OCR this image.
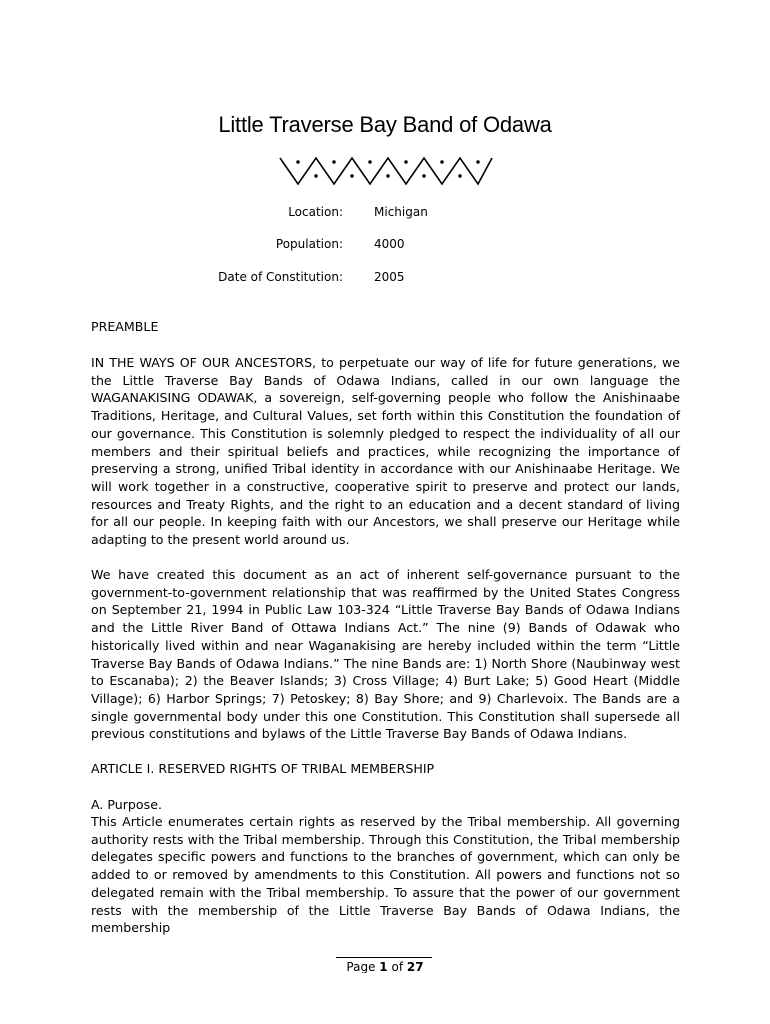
Little Traverse Bay Band of Odawa
Location:	Michigan
Population:	4000
Date of Constitution:	2005
PREAMBLE
IN THE WAYS OF OUR ANCESTORS, to perpetuate our way of life for future generations, we the Little Traverse Bay Bands of Odawa Indians, called in our own language the WAGANAKISING ODAWAK, a sovereign, self-governing people who follow the Anishinaabe Traditions, Heritage, and Cultural Values, set forth within this Constitution the foundation of our governance. This Constitution is solemnly pledged to respect the individuality of all our members and their spiritual beliefs and practices, while recognizing the importance of preserving a strong, unified Tribal identity in accordance with our Anishinaabe Heritage. We will work together in a constructive, cooperative spirit to preserve and protect our lands, resources and Treaty Rights, and the right to an education and a decent standard of living for all our people. In keeping faith with our Ancestors, we shall preserve our Heritage while adapting to the present world around us.
We have created this document as an act of inherent self-governance pursuant to the government-to-government relationship that was reaffirmed by the United States Congress on September 21, 1994 in Public Law 103-324 “Little Traverse Bay Bands of Odawa Indians and the Little River Band of Ottawa Indians Act.” The nine (9) Bands of Odawak who historically lived within and near Waganakising are hereby included within the term “Little Traverse Bay Bands of Odawa Indians.” The nine Bands are: 1) North Shore (Naubinway west to Escanaba); 2) the Beaver Islands; 3) Cross Village; 4) Burt Lake; 5) Good Heart (Middle Village); 6) Harbor Springs; 7) Petoskey; 8) Bay Shore; and 9) Charlevoix. The Bands are a single governmental body under this one Constitution. This Constitution shall supersede all previous constitutions and bylaws of the Little Traverse Bay Bands of Odawa Indians.
ARTICLE I. RESERVED RIGHTS OF TRIBAL MEMBERSHIP
A. Purpose.
This Article enumerates certain rights as reserved by the Tribal membership. All governing authority rests with the Tribal membership. Through this Constitution, the Tribal membership delegates specific powers and functions to the branches of government, which can only be added to or removed by amendments to this Constitution. All powers and functions not so delegated remain with the Tribal membership. To assure that the power of our government rests with the membership of the Little Traverse Bay Bands of Odawa Indians, the membership
Page 1 of 27
